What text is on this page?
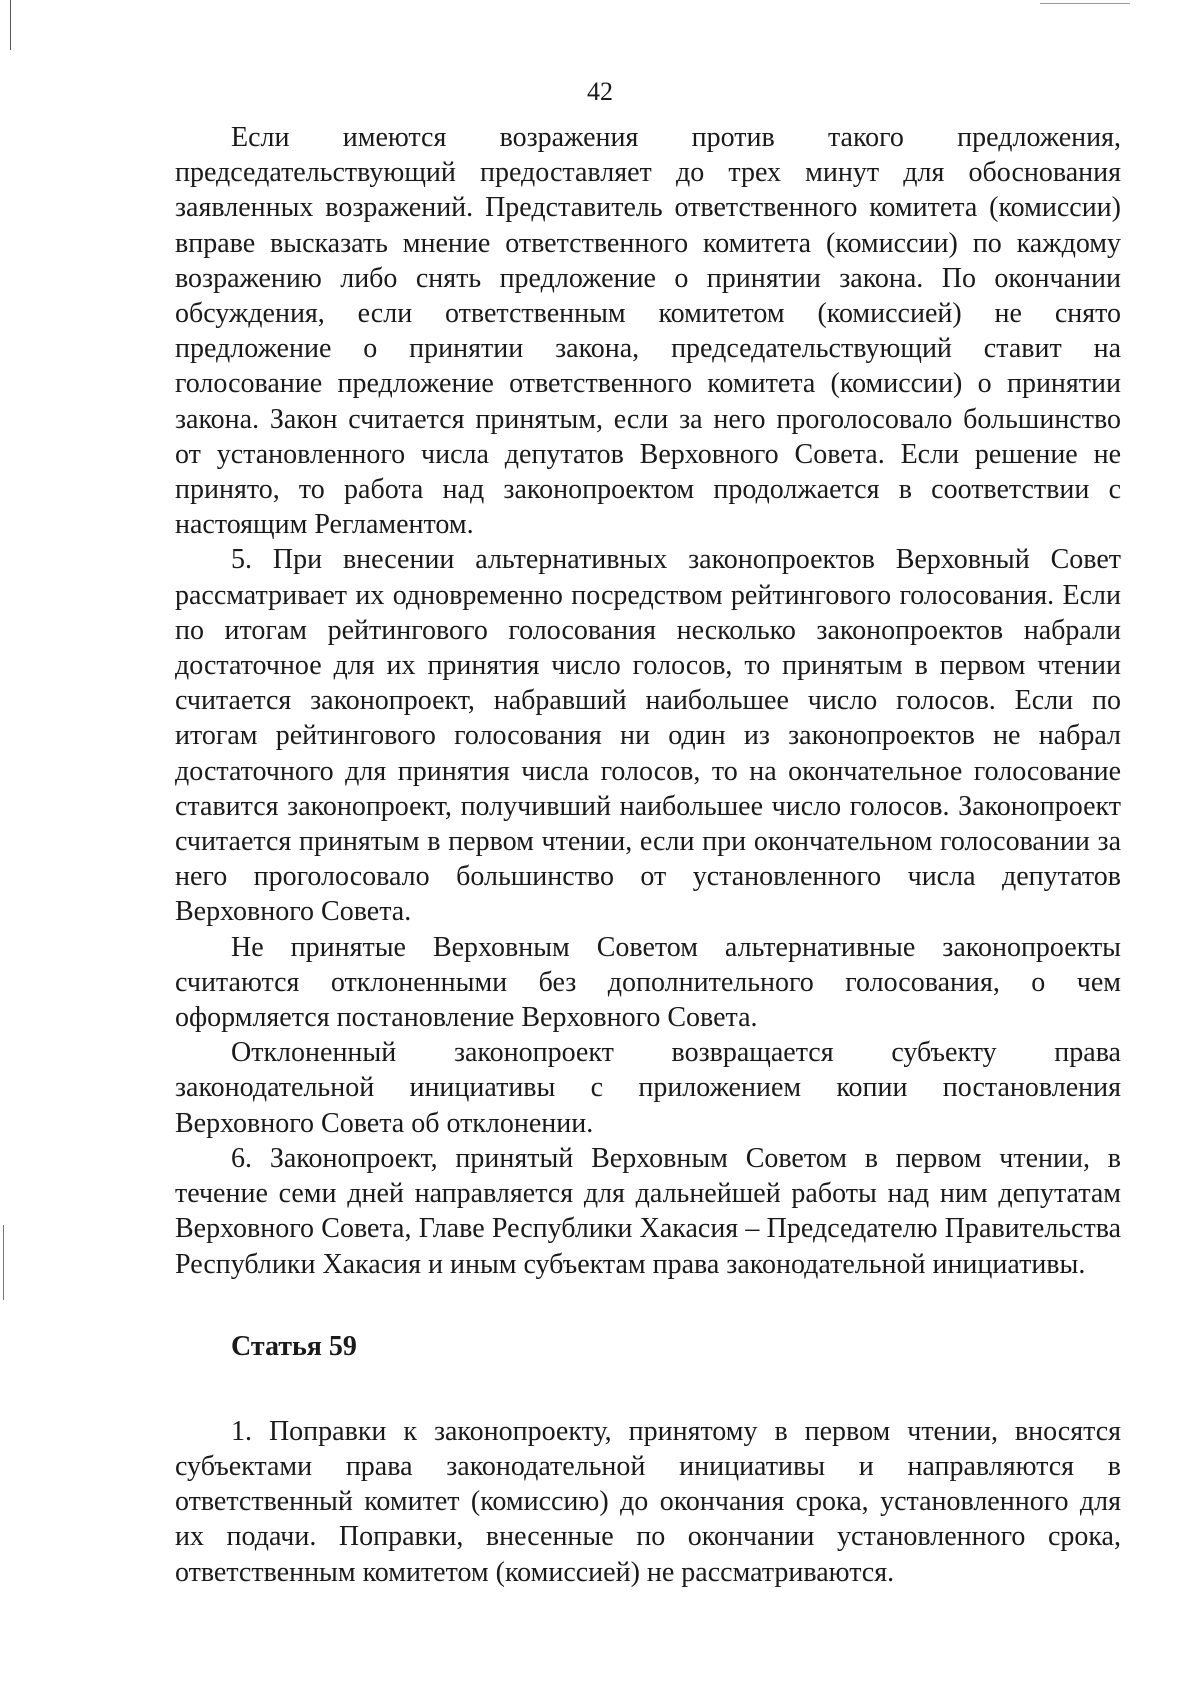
42

Если имеются возражения против такого предложения, председательствующий предоставляет до трех минут для обоснования заявленных возражений. Представитель ответственного комитета (комиссии) вправе высказать мнение ответственного комитета (комиссии) по каждому возражению либо снять предложение о принятии закона. По окончании обсуждения, если ответственным комитетом (комиссией) не снято предложение о принятии закона, председательствующий ставит на голосование предложение ответственного комитета (комиссии) о принятии закона. Закон считается принятым, если за него проголосовало большинство от установленного числа депутатов Верховного Совета. Если решение не принято, то работа над законопроектом продолжается в соответствии с настоящим Регламентом.

5. При внесении альтернативных законопроектов Верховный Совет рассматривает их одновременно посредством рейтингового голосования. Если по итогам рейтингового голосования несколько законопроектов набрали достаточное для их принятия число голосов, то принятым в первом чтении считается законопроект, набравший наибольшее число голосов. Если по итогам рейтингового голосования ни один из законопроектов не набрал достаточного для принятия числа голосов, то на окончательное голосование ставится законопроект, получивший наибольшее число голосов. Законопроект считается принятым в первом чтении, если при окончательном голосовании за него проголосовало большинство от установленного числа депутатов Верховного Совета.

Не принятые Верховным Советом альтернативные законопроекты считаются отклоненными без дополнительного голосования, о чем оформляется постановление Верховного Совета.

Отклоненный законопроект возвращается субъекту права законодательной инициативы с приложением копии постановления Верховного Совета об отклонении.

6. Законопроект, принятый Верховным Советом в первом чтении, в течение семи дней направляется для дальнейшей работы над ним депутатам Верховного Совета, Главе Республики Хакасия – Председателю Правительства Республики Хакасия и иным субъектам права законодательной инициативы.

Статья 59

1. Поправки к законопроекту, принятому в первом чтении, вносятся субъектами права законодательной инициативы и направляются в ответственный комитет (комиссию) до окончания срока, установленного для их подачи. Поправки, внесенные по окончании установленного срока, ответственным комитетом (комиссией) не рассматриваются.
